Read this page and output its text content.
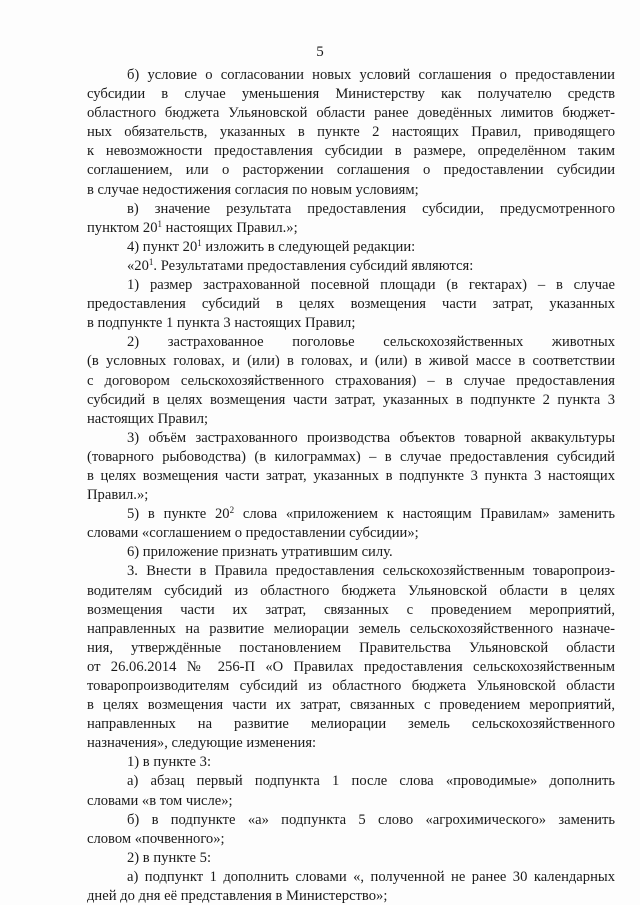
5
б) условие о согласовании новых условий соглашения о предоставлении
субсидии в случае уменьшения Министерству как получателю средств
областного бюджета Ульяновской области ранее доведённых лимитов бюджет-
ных обязательств, указанных в пункте 2 настоящих Правил, приводящего
к невозможности предоставления субсидии в размере, определённом таким
соглашением, или о расторжении соглашения о предоставлении субсидии
в случае недостижения согласия по новым условиям;
в) значение результата предоставления субсидии, предусмотренного
пунктом $20^1$ настоящих Правил.»;
4) пункт $20^1$ изложить в следующей редакции:
«$20^1$. Результатами предоставления субсидий являются:
1) размер застрахованной посевной площади (в гектарах) – в случае
предоставления субсидий в целях возмещения части затрат, указанных
в подпункте 1 пункта 3 настоящих Правил;
2) застрахованное поголовье сельскохозяйственных животных
(в условных головах, и (или) в головах, и (или) в живой массе в соответствии
с договором сельскохозяйственного страхования) – в случае предоставления
субсидий в целях возмещения части затрат, указанных в подпункте 2 пункта 3
настоящих Правил;
3) объём застрахованного производства объектов товарной аквакультуры
(товарного рыбоводства) (в килограммах) – в случае предоставления субсидий
в целях возмещения части затрат, указанных в подпункте 3 пункта 3 настоящих
Правил.»;
5) в пункте $20^2$ слова «приложением к настоящим Правилам» заменить
словами «соглашением о предоставлении субсидии»;
6) приложение признать утратившим силу.
3. Внести в Правила предоставления сельскохозяйственным товаропроиз-
водителям субсидий из областного бюджета Ульяновской области в целях
возмещения части их затрат, связанных с проведением мероприятий,
направленных на развитие мелиорации земель сельскохозяйственного назначе-
ния, утверждённые постановлением Правительства Ульяновской области
от 26.06.2014 № 256-П «О Правилах предоставления сельскохозяйственным
товаропроизводителям субсидий из областного бюджета Ульяновской области
в целях возмещения части их затрат, связанных с проведением мероприятий,
направленных на развитие мелиорации земель сельскохозяйственного
назначения», следующие изменения:
1) в пункте 3:
а) абзац первый подпункта 1 после слова «проводимые» дополнить
словами «в том числе»;
б) в подпункте «а» подпункта 5 слово «агрохимического» заменить
словом «почвенного»;
2) в пункте 5:
а) подпункт 1 дополнить словами «, полученной не ранее 30 календарных
дней до дня её представления в Министерство»;
